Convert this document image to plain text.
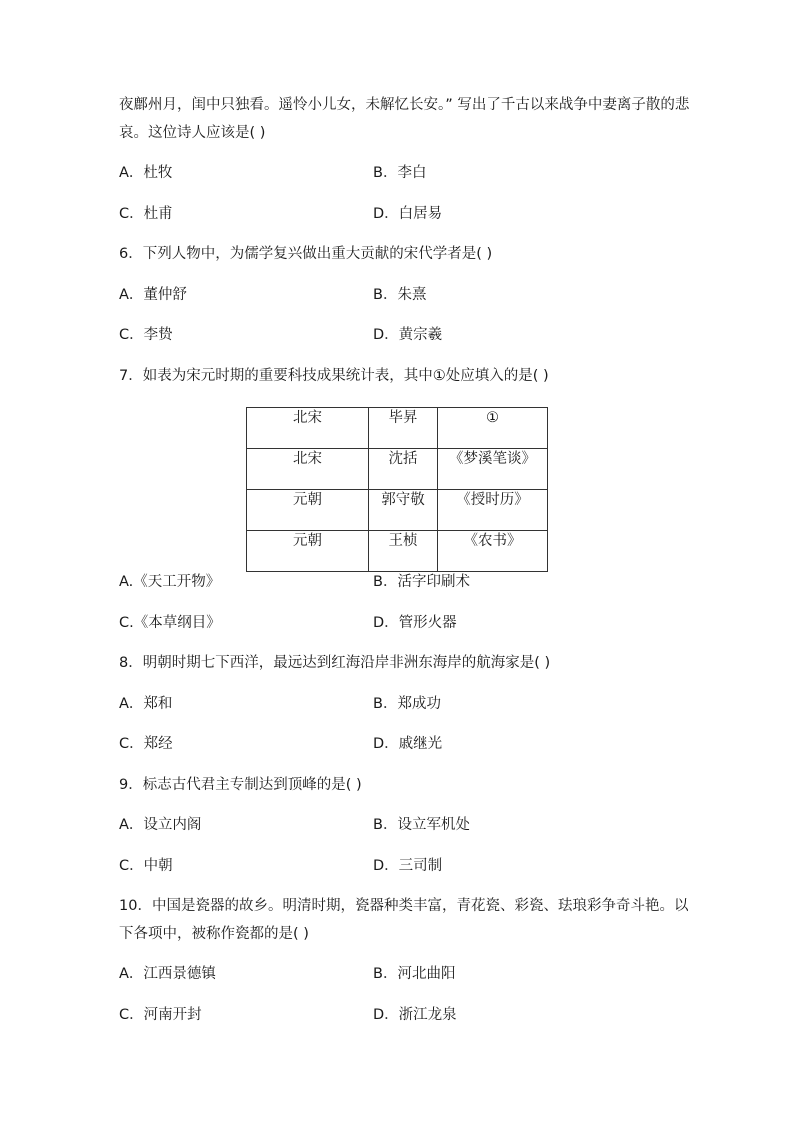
夜鄜州月，闺中只独看。遥怜小儿女，未解忆长安。” 写出了千古以来战争中妻离子散的悲
哀。这位诗人应该是( )
A．杜牧	B．李白
C．杜甫	D．白居易
6．下列人物中，为儒学复兴做出重大贡献的宋代学者是( )
A．董仲舒	B．朱熹
C．李贽	D．黄宗羲
7．如表为宋元时期的重要科技成果统计表，其中①处应填入的是( )
北宋	毕昇	①
北宋	沈括	《梦溪笔谈》
元朝	郭守敬	《授时历》
元朝	王桢	《农书》
A.《天工开物》	B．活字印刷术
C.《本草纲目》	D．管形火器
8．明朝时期七下西洋，最远达到红海沿岸非洲东海岸的航海家是( )
A．郑和	B．郑成功
C．郑经	D．戚继光
9．标志古代君主专制达到顶峰的是( )
A．设立内阁	B．设立军机处
C．中朝	D．三司制
10．中国是瓷器的故乡。明清时期，瓷器种类丰富，青花瓷、彩瓷、珐琅彩争奇斗艳。以
下各项中，被称作瓷都的是( )
A．江西景德镇	B．河北曲阳
C．河南开封	D．浙江龙泉
